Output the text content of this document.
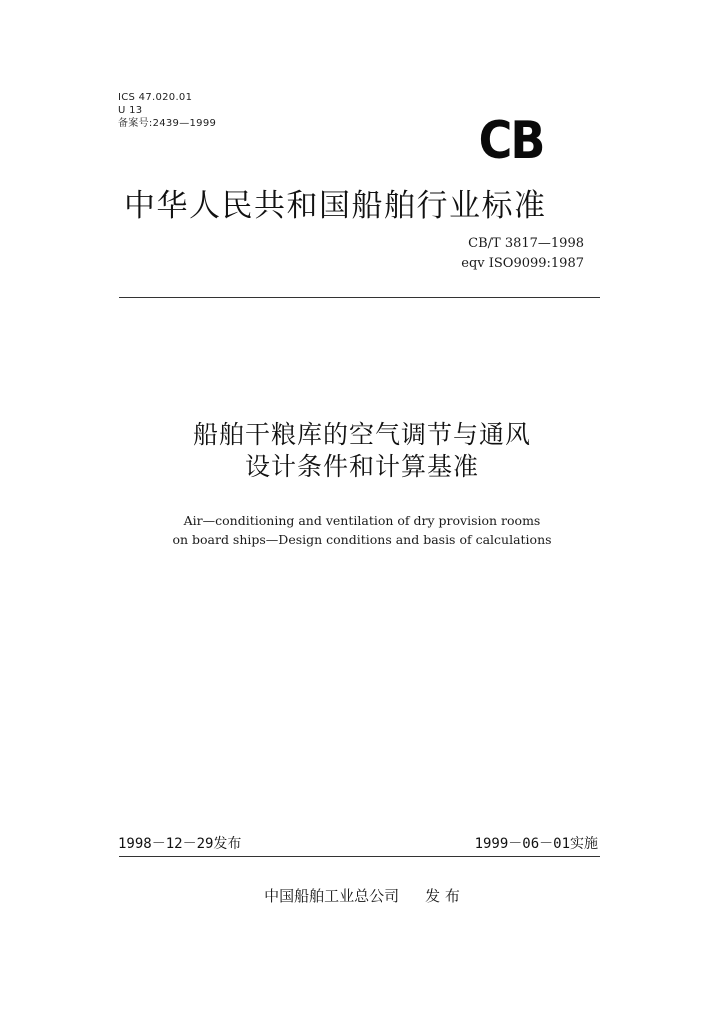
ICS 47.020.01
U 13
备案号:2439—1999	CB
中华人民共和国船舶行业标准
CB/T 3817—1998
eqv ISO9099:1987
船舶干粮库的空气调节与通风
设计条件和计算基准
Air—conditioning and ventilation of dry provision rooms
on board ships—Design conditions and basis of calculations
1998－12－29发布	1999－06－01实施
中国船舶工业总公司 发 布
